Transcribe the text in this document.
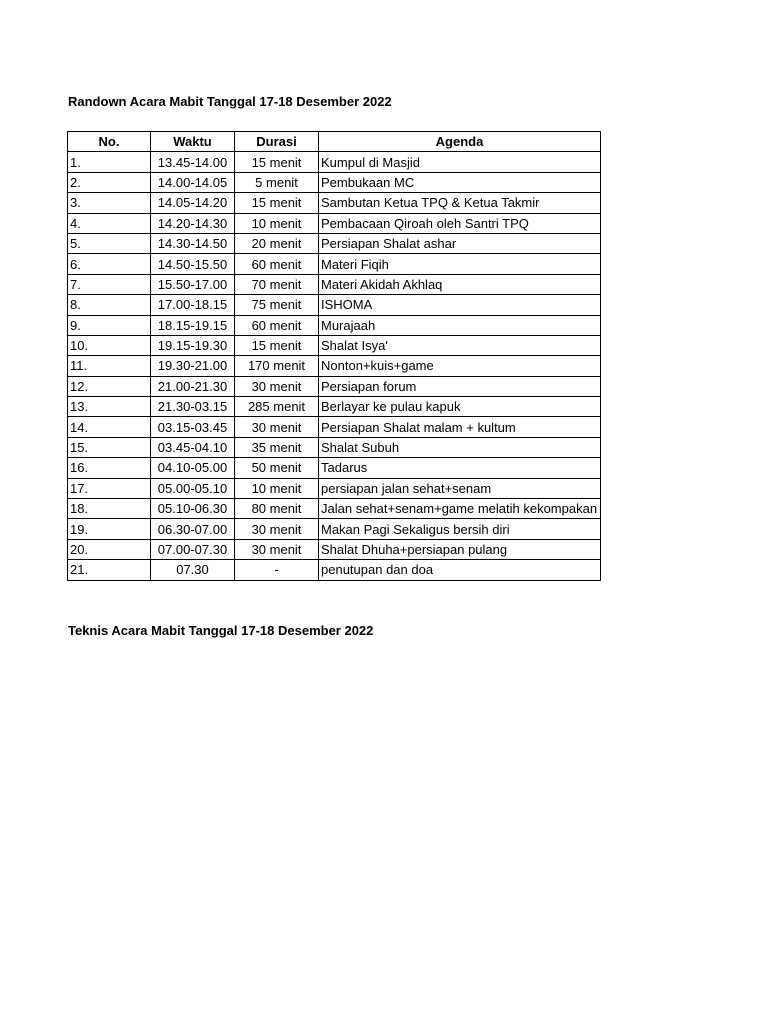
Randown Acara Mabit Tanggal 17-18 Desember 2022
No.	Waktu	Durasi	Agenda
1.	13.45-14.00	15 menit	Kumpul di Masjid
2.	14.00-14.05	5 menit	Pembukaan MC
3.	14.05-14.20	15 menit	Sambutan Ketua TPQ & Ketua Takmir
4.	14.20-14.30	10 menit	Pembacaan Qiroah oleh Santri TPQ
5.	14.30-14.50	20 menit	Persiapan Shalat ashar
6.	14.50-15.50	60 menit	Materi Fiqih
7.	15.50-17.00	70 menit	Materi Akidah Akhlaq
8.	17.00-18.15	75 menit	ISHOMA
9.	18.15-19.15	60 menit	Murajaah
10.	19.15-19.30	15 menit	Shalat Isya'
11.	19.30-21.00	170 menit	Nonton+kuis+game
12.	21.00-21.30	30 menit	Persiapan forum
13.	21.30-03.15	285 menit	Berlayar ke pulau kapuk
14.	03.15-03.45	30 menit	Persiapan Shalat malam + kultum
15.	03.45-04.10	35 menit	Shalat Subuh
16.	04.10-05.00	50 menit	Tadarus
17.	05.00-05.10	10 menit	persiapan jalan sehat+senam
18.	05.10-06.30	80 menit	Jalan sehat+senam+game melatih kekompakan
19.	06.30-07.00	30 menit	Makan Pagi Sekaligus bersih diri
20.	07.00-07.30	30 menit	Shalat Dhuha+persiapan pulang
21.	07.30	-	penutupan dan doa
Teknis Acara Mabit Tanggal 17-18 Desember 2022
